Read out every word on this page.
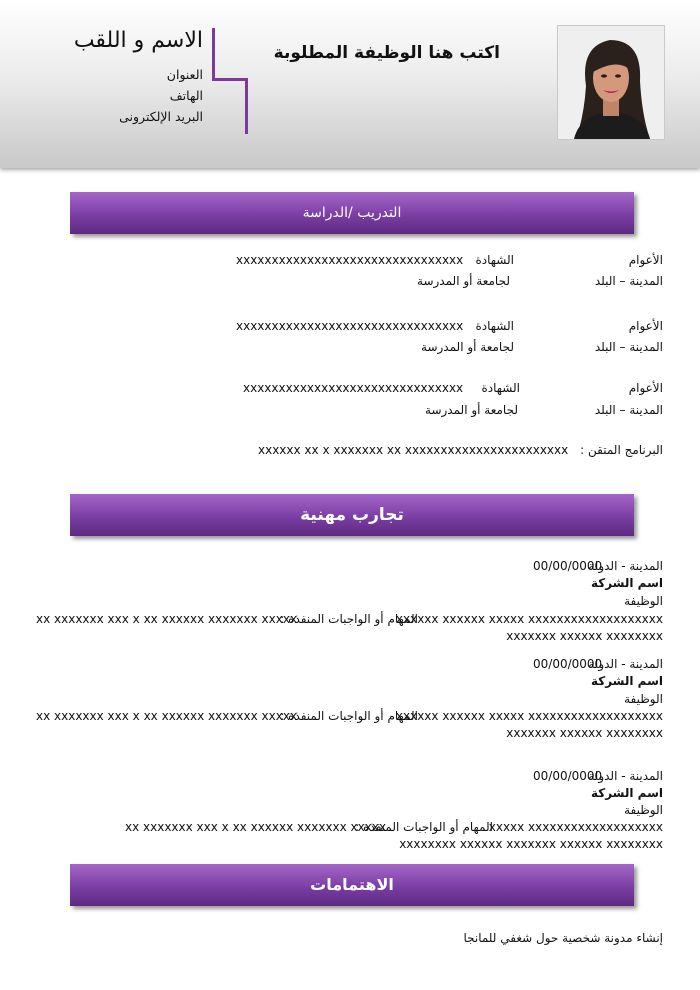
اكتب هنا الوظيفة المطلوبة
الاسم و اللقب
العنوان
الهاتف
البريد الإلكترونى
التدريب /الدراسة
الأعوام
الشهادة
xxxxxxxxxxxxxxxxxxxxxxxxxxxxxxxx
المدينة – البلد
لجامعة أو المدرسة
الأعوام
الشهادة
xxxxxxxxxxxxxxxxxxxxxxxxxxxxxxxx
المدينة – البلد
لجامعة أو المدرسة
الأعوام
الشهادة
xxxxxxxxxxxxxxxxxxxxxxxxxxxxxxx
المدينة – البلد
لجامعة أو المدرسة
البرنامج المتقن :
xxxxxx xx x xxxxxxx xx xxxxxxxxxxxxxxxxxxxxxxx
تجارب مهنية
المدينة - الدولة
00/00/0000
اسم الشركة
الوظيفة
xxxxxx xxxxxx xxxxx xxxxxxxxxxxxxxxxxxx
المهام أو الواجبات المنفذة :
xx xxxxxxx xxx x xx xxxxxx xxxxxxx xxxxx
xxxxxxx xxxxxx xxxxxxxx
المدينة - الدولة
00/00/0000
اسم الشركة
الوظيفة
xxxxxx xxxxxx xxxxx xxxxxxxxxxxxxxxxxxx
المهام أو الواجبات المنفذة :
xx xxxxxxx xxx x xx xxxxxx xxxxxxx xxxxx
xxxxxxx xxxxxx xxxxxxxx
المدينة - الدولة
00/00/0000
اسم الشركة
الوظيفة
xxxxx xxxxxxxxxxxxxxxxxxx
المهام أو الواجبات المنفذة :
xx xxxxxxx xxx x xx xxxxxx xxxxxxx xxxxx
xxxxxxxx xxxxxx xxxxxxx xxxxxx xxxxxxxx
الاهتمامات
إنشاء مدونة شخصية حول شغفي للمانجا
